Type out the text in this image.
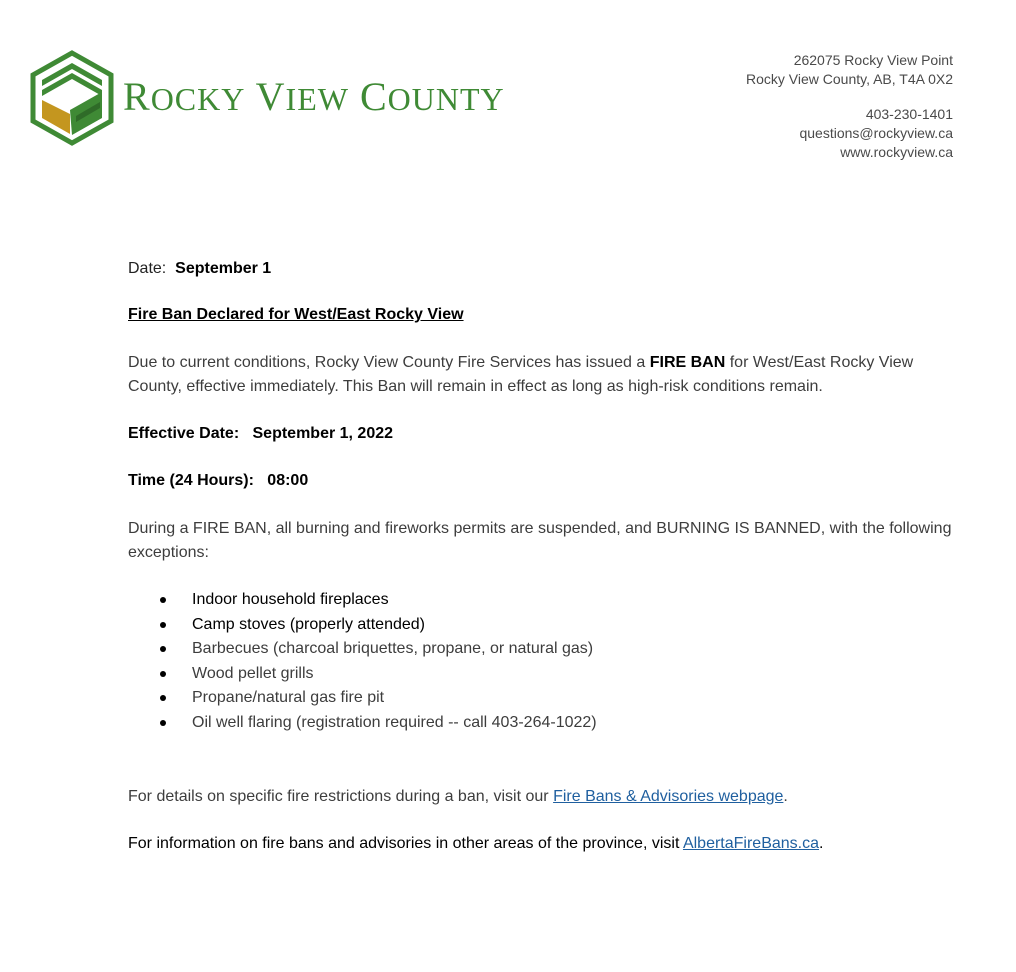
ROCKY VIEW COUNTY
262075 Rocky View Point
Rocky View County, AB, T4A 0X2
403-230-1401
questions@rockyview.ca
www.rockyview.ca

Date: September 1

Fire Ban Declared for West/East Rocky View

Due to current conditions, Rocky View County Fire Services has issued a FIRE BAN for West/East Rocky View County, effective immediately. This Ban will remain in effect as long as high-risk conditions remain.

Effective Date: September 1, 2022

Time (24 Hours): 08:00

During a FIRE BAN, all burning and fireworks permits are suspended, and BURNING IS BANNED, with the following exceptions:

Indoor household fireplaces
Camp stoves (properly attended)
Barbecues (charcoal briquettes, propane, or natural gas)
Wood pellet grills
Propane/natural gas fire pit
Oil well flaring (registration required -- call 403-264-1022)

For details on specific fire restrictions during a ban, visit our Fire Bans & Advisories webpage.

For information on fire bans and advisories in other areas of the province, visit AlbertaFireBans.ca.
